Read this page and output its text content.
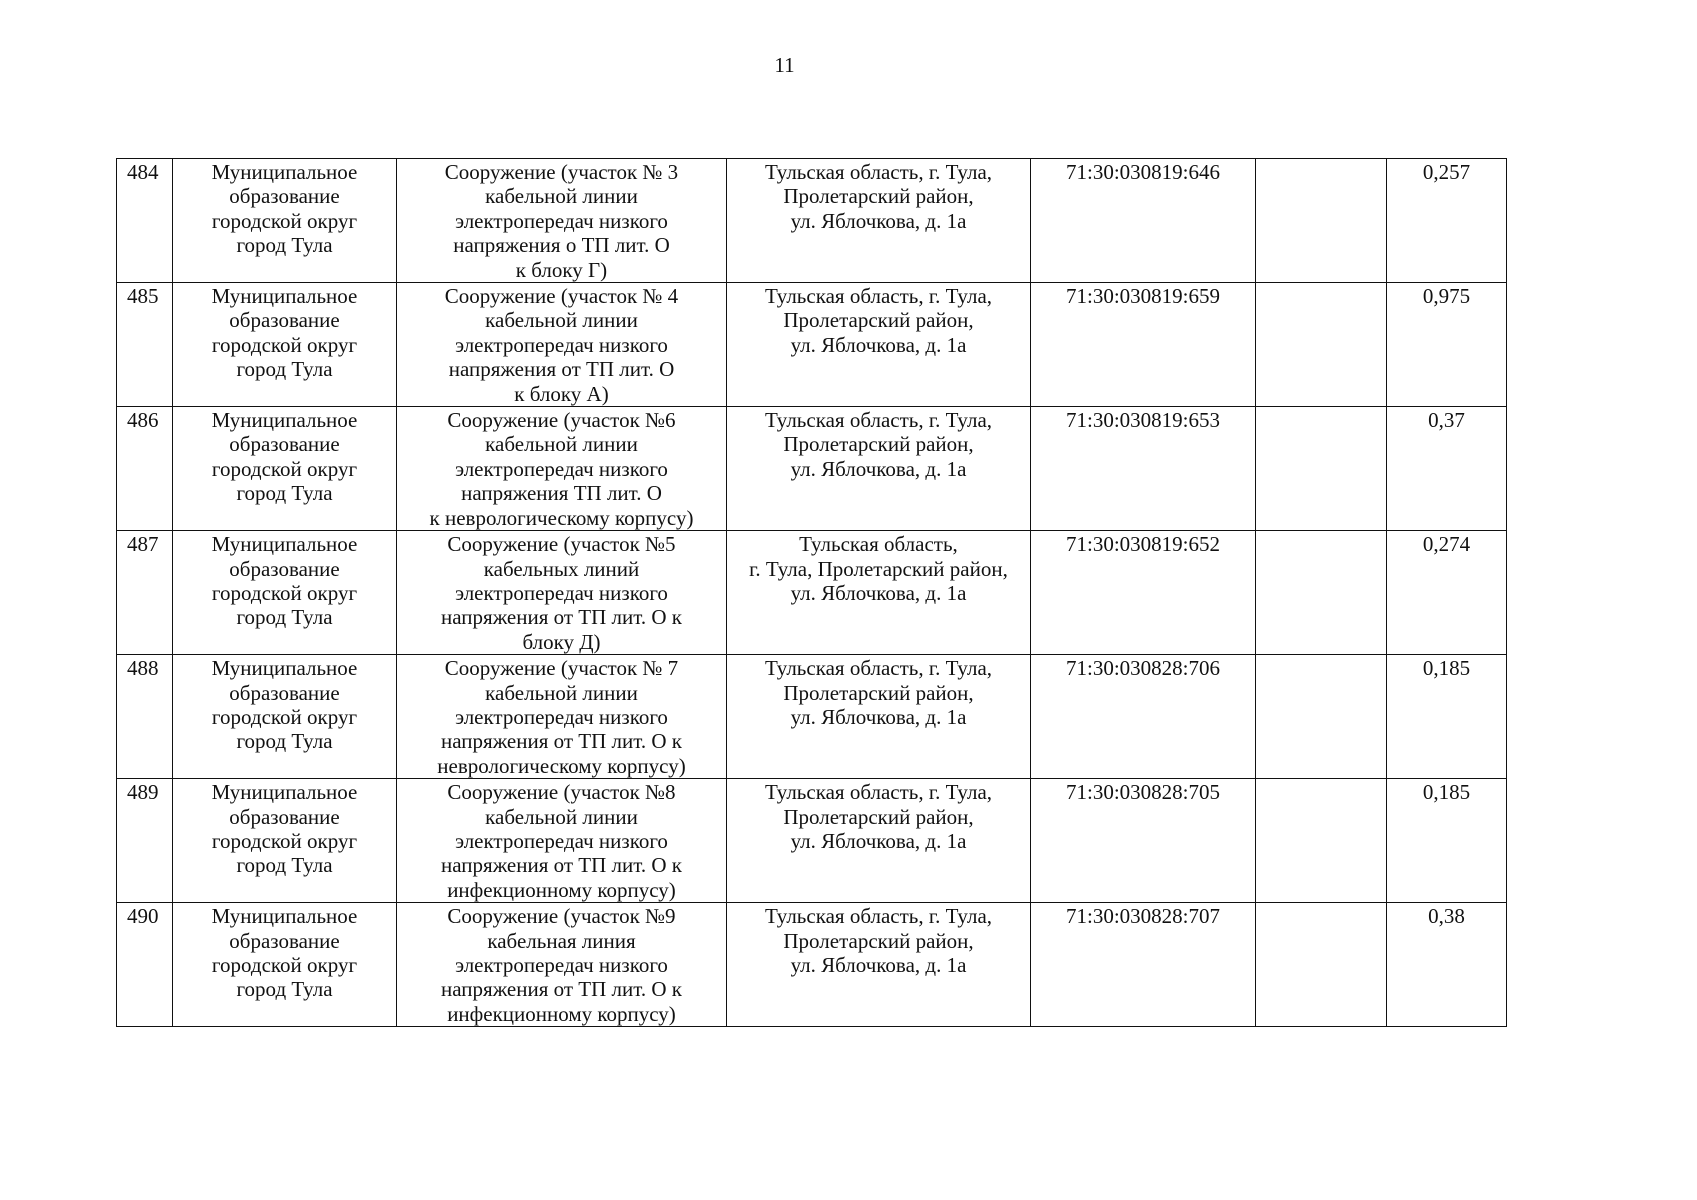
11
484	Муниципальное
образование
городской округ
город Тула	Сооружение (участок № 3
кабельной линии
электропередач низкого
напряжения о ТП лит. О
к блоку Г)	Тульская область, г. Тула,
Пролетарский район,
ул. Яблочкова, д. 1а	71:30:030819:646		0,257
485	Муниципальное
образование
городской округ
город Тула	Сооружение (участок № 4
кабельной линии
электропередач низкого
напряжения от ТП лит. О
к блоку А)	Тульская область, г. Тула,
Пролетарский район,
ул. Яблочкова, д. 1а	71:30:030819:659		0,975
486	Муниципальное
образование
городской округ
город Тула	Сооружение (участок №6
кабельной линии
электропередач низкого
напряжения ТП лит. О
к неврологическому корпусу)	Тульская область, г. Тула,
Пролетарский район,
ул. Яблочкова, д. 1а	71:30:030819:653		0,37
487	Муниципальное
образование
городской округ
город Тула	Сооружение (участок №5
кабельных линий
электропередач низкого
напряжения от ТП лит. О к
блоку Д)	Тульская область,
г. Тула, Пролетарский район,
ул. Яблочкова, д. 1а	71:30:030819:652		0,274
488	Муниципальное
образование
городской округ
город Тула	Сооружение (участок № 7
кабельной линии
электропередач низкого
напряжения от ТП лит. О к
неврологическому корпусу)	Тульская область, г. Тула,
Пролетарский район,
ул. Яблочкова, д. 1а	71:30:030828:706		0,185
489	Муниципальное
образование
городской округ
город Тула	Сооружение (участок №8
кабельной линии
электропередач низкого
напряжения от ТП лит. О к
инфекционному корпусу)	Тульская область, г. Тула,
Пролетарский район,
ул. Яблочкова, д. 1а	71:30:030828:705		0,185
490	Муниципальное
образование
городской округ
город Тула	Сооружение (участок №9
кабельная линия
электропередач низкого
напряжения от ТП лит. О к
инфекционному корпусу)	Тульская область, г. Тула,
Пролетарский район,
ул. Яблочкова, д. 1а	71:30:030828:707		0,38
